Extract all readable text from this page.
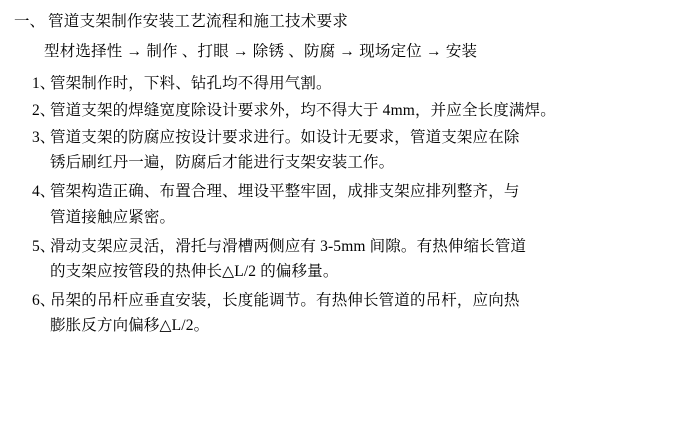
一、 管道支架制作安装工艺流程和施工技术要求
型材选择性 → 制作 、打眼 → 除锈 、防腐 → 现场定位 → 安装
1、
管架制作时，下料、钻孔均不得用气割。
2、
管道支架的焊缝宽度除设计要求外，均不得大于 4mm，并应全长度满焊。
3、
管道支架的防腐应按设计要求进行。如设计无要求，管道支架应在除
锈后刷红丹一遍，防腐后才能进行支架安装工作。
4、
管架构造正确、布置合理、埋设平整牢固，成排支架应排列整齐，与
管道接触应紧密。
5、
滑动支架应灵活，滑托与滑槽两侧应有 3-5mm 间隙。有热伸缩长管道
的支架应按管段的热伸长△L/2 的偏移量。
6、
吊架的吊杆应垂直安装，长度能调节。有热伸长管道的吊杆，应向热
膨胀反方向偏移△L/2。
